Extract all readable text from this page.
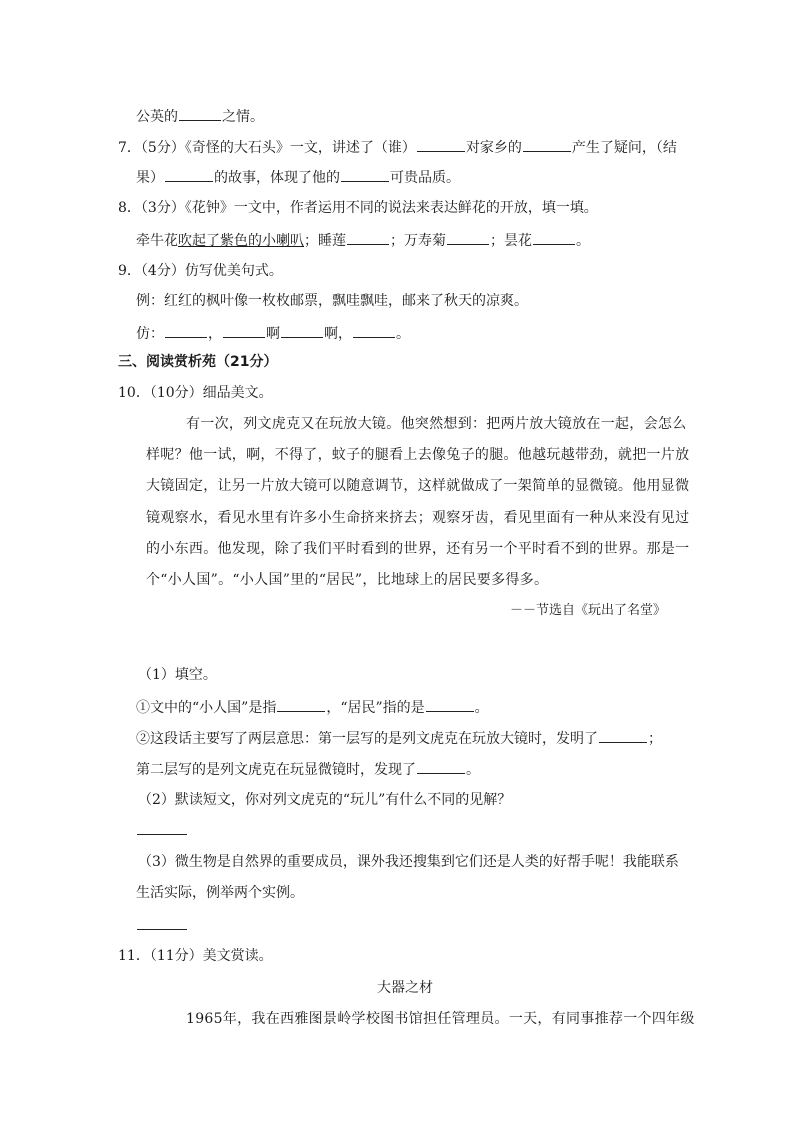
公英的	之情。
7．（5分）《奇怪的大石头》一文，讲述了（谁）	对家乡的	产生了疑问，（结
果）	的故事，体现了他的	可贵品质。
8．（3分）《花钟》一文中，作者运用不同的说法来表达鲜花的开放，填一填。
牵牛花吹起了紫色的小喇叭；睡莲	；万寿菊	；昙花	。
9．（4分）仿写优美句式。
例：红红的枫叶像一枚枚邮票，飘哇飘哇，邮来了秋天的凉爽。
仿：	，	啊	啊，	。
三、阅读赏析苑（21分）
10．（10分）细品美文。
有一次，列文虎克又在玩放大镜。他突然想到：把两片放大镜放在一起，会怎么
样呢？他一试，啊，不得了，蚊子的腿看上去像兔子的腿。他越玩越带劲，就把一片放
大镜固定，让另一片放大镜可以随意调节，这样就做成了一架简单的显微镜。他用显微
镜观察水，看见水里有许多小生命挤来挤去；观察牙齿，看见里面有一种从来没有见过
的小东西。他发现，除了我们平时看到的世界，还有另一个平时看不到的世界。那是一
个“小人国”。“小人国”里的“居民”，比地球上的居民要多得多。
－－节选自《玩出了名堂》
（1）填空。
①文中的“小人国”是指	，“居民”指的是	。
②这段话主要写了两层意思：第一层写的是列文虎克在玩放大镜时，发明了	；
第二层写的是列文虎克在玩显微镜时，发现了	。
（2）默读短文，你对列文虎克的“玩儿”有什么不同的见解？
（3）微生物是自然界的重要成员，课外我还搜集到它们还是人类的好帮手呢！我能联系
生活实际，例举两个实例。
11．（11分）美文赏读。
大器之材
1965年，我在西雅图景岭学校图书馆担任管理员。一天，有同事推荐一个四年级
